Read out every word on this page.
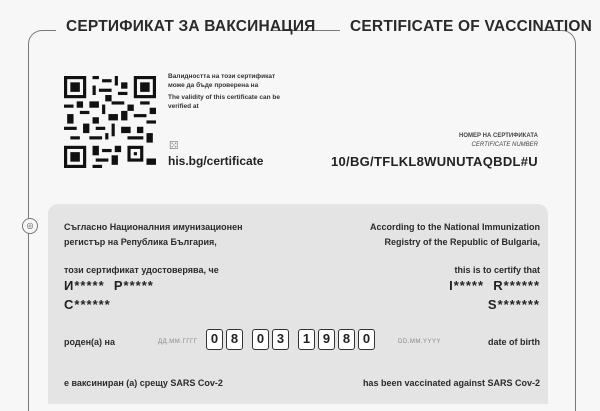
СЕРТИФИКАТ ЗА ВАКСИНАЦИЯ CERTIFICATE OF VACCINATION
Валидността на този сертификат може да бъде проверена на
The validity of this certificate can be verified at
⚄
his.bg/certificate
НОМЕР НА СЕРТИФИКАТА
CERTIFICATE NUMBER
10/BG/TFLKL8WUNUTAQBDL#U
◎	Съгласно Националния имунизационен
регистър на Република България,
According to the National Immunization
Registry of the Republic of Bulgaria,
този сертификат удостоверява, че	this is to certify that
И*****  Р*****
С******
I*****  R******
S*******
роден(а) на	ДД.ММ.ГГГГ	0 8	0 3	1 9 8 0	DD.MM.YYYY	date of birth
е ваксиниран (а) срещу SARS Cov-2	has been vaccinated against SARS Cov-2
